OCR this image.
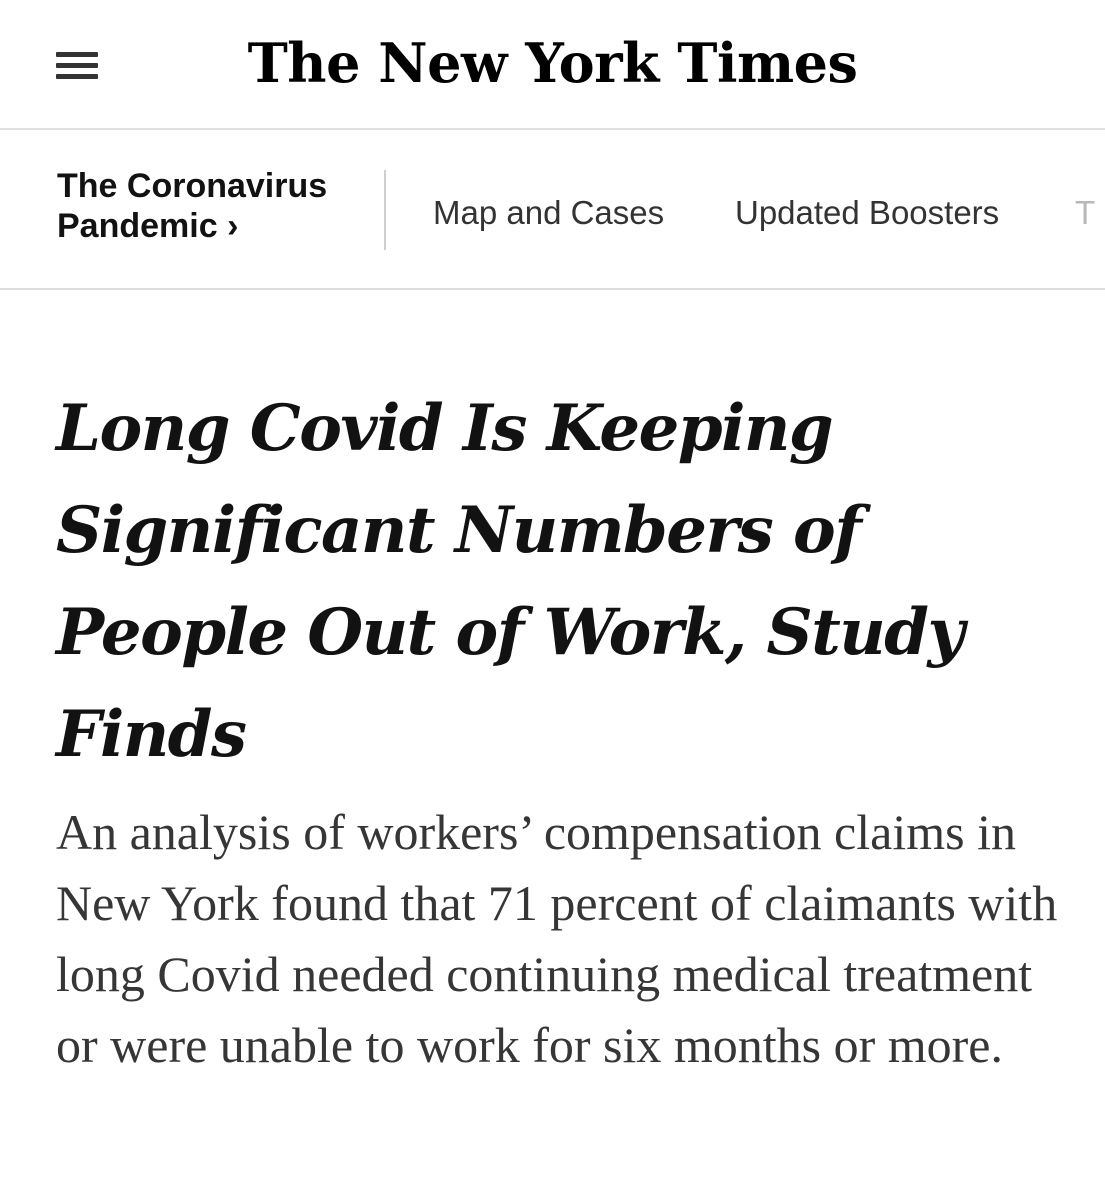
The New York Times
The Coronavirus
Pandemic ›	Map and Cases Updated Boosters T
Long Covid Is Keeping Significant Numbers of People Out of Work, Study Finds

An analysis of workers’ compensation claims in New York found that 71 percent of claimants with long Covid needed continuing medical treatment or were unable to work for six months or more.
